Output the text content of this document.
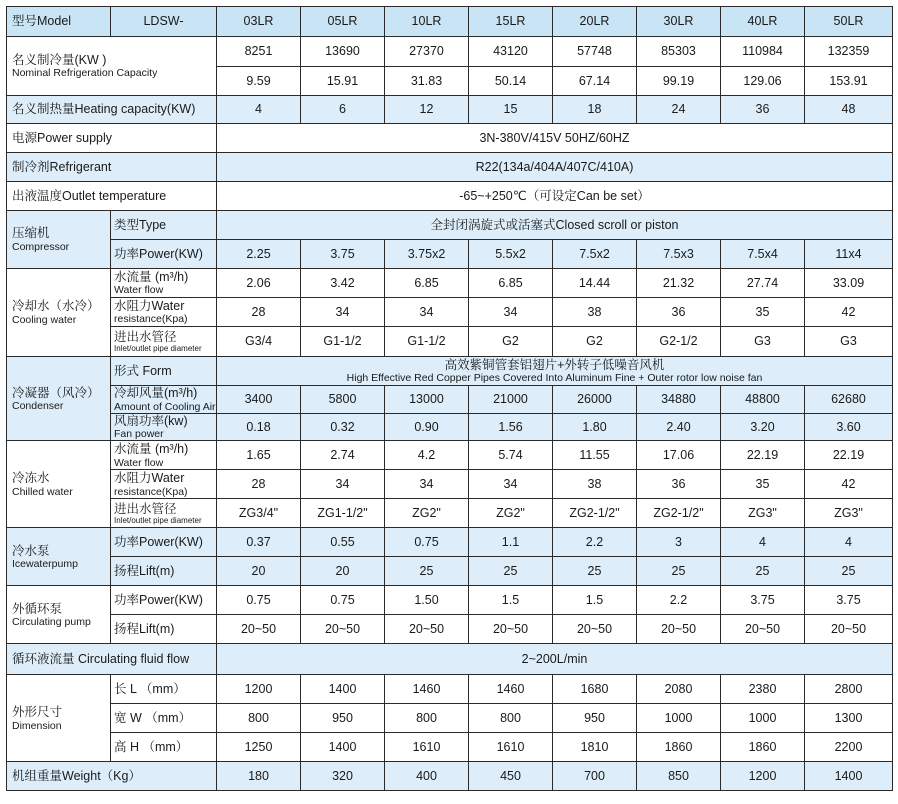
型号Model	LDSW-	03LR	05LR	10LR	15LR	20LR	30LR	40LR	50LR

名义制冷量(KW )
Nominal Refrigeration Capacity		8251	13690	27370	43120	57748	85303	110984	132359
		9.59	15.91	31.83	50.14	67.14	99.19	129.06	153.91
名义制热量Heating capacity(KW)		4	6	12	15	18	24	36	48
电源Power supply		3N-380V/415V 50HZ/60HZ							
制冷剂Refrigerant		R22(134a/404A/407C/410A)							
出液温度Outlet temperature		-65~+250℃（可设定Can be set）							

压缩机
Compressor	类型Type	全封闭涡旋式或活塞式Closed scroll or piston							
	功率Power(KW)	2.25	3.75	3.75x2	5.5x2	7.5x2	7.5x3	7.5x4	11x4

冷却水（水冷）
Cooling water	水流量 (m³/h)
Water flow	2.06	3.42	6.85	6.85	14.44	21.32	27.74	33.09

	水阻力Water
resistance(Kpa)	28	34	34	34	38	36	35	42

	进出水管径
Inlet/outlet pipe diameter	G3/4	G1-1/2	G1-1/2	G2	G2	G2-1/2	G3	G3

冷凝器（风冷）
Condenser	形式 Form	高效紫铜管套铝翅片+外转子低噪音风机
High Effective Red Copper Pipes Covered Into Aluminum Fine + Outer rotor low noise fan							

	冷却风量(m³/h)
Amount of Cooling Air	3400	5800	13000	21000	26000	34880	48800	62680

	风扇功率(kw)
Fan power	0.18	0.32	0.90	1.56	1.80	2.40	3.20	3.60

冷冻水
Chilled water	水流量 (m³/h)
Water flow	1.65	2.74	4.2	5.74	11.55	17.06	22.19	22.19

	水阻力Water
resistance(Kpa)	28	34	34	34	38	36	35	42

	进出水管径
Inlet/outlet pipe diameter	ZG3/4"	ZG1-1/2"	ZG2"	ZG2"	ZG2-1/2"	ZG2-1/2"	ZG3"	ZG3"

冷水泵
Icewaterpump	功率Power(KW)	0.37	0.55	0.75	1.1	2.2	3	4	4
	扬程Lift(m)	20	20	25	25	25	25	25	25

外循环泵
Circulating pump	功率Power(KW)	0.75	0.75	1.50	1.5	1.5	2.2	3.75	3.75
	扬程Lift(m)	20~50	20~50	20~50	20~50	20~50	20~50	20~50	20~50
循环液流量 Circulating fluid flow		2~200L/min							

外形尺寸
Dimension	长 L （mm）	1200	1400	1460	1460	1680	2080	2380	2800
	宽 W （mm）	800	950	800	800	950	1000	1000	1300
	高 H （mm）	1250	1400	1610	1610	1810	1860	1860	2200
机组重量Weight（Kg）		180	320	400	450	700	850	1200	1400
